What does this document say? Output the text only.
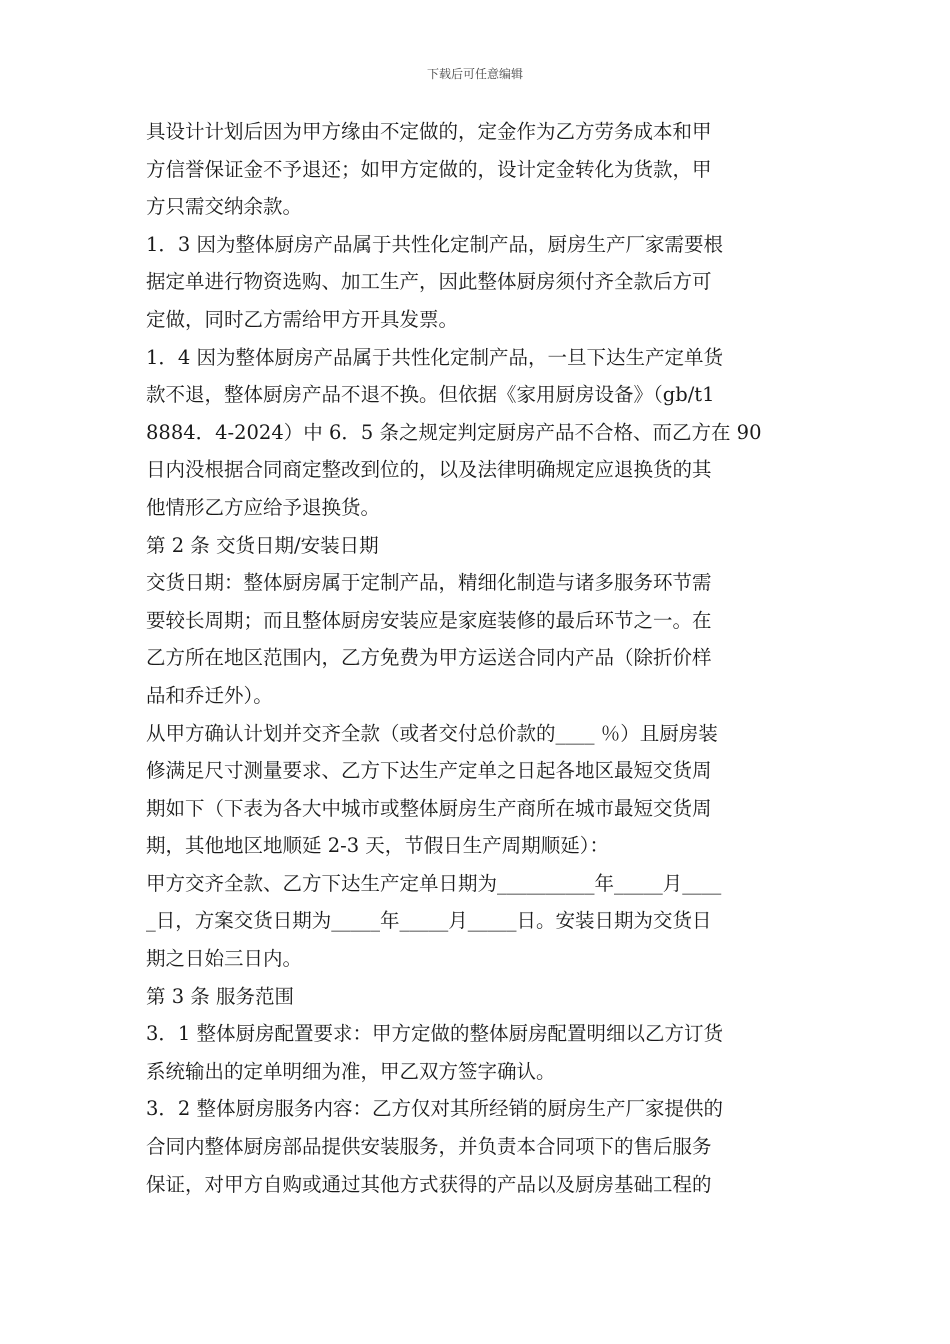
下载后可任意编辑
具设计计划后因为甲方缘由不定做的，定金作为乙方劳务成本和甲
方信誉保证金不予退还；如甲方定做的，设计定金转化为货款，甲
方只需交纳余款。
1．3 因为整体厨房产品属于共性化定制产品，厨房生产厂家需要根
据定单进行物资选购、加工生产，因此整体厨房须付齐全款后方可
定做，同时乙方需给甲方开具发票。
1．4 因为整体厨房产品属于共性化定制产品，一旦下达生产定单货
款不退，整体厨房产品不退不换。但依据《家用厨房设备》（gb/t1
8884．4-2024）中 6．5 条之规定判定厨房产品不合格、而乙方在 90
日内没根据合同商定整改到位的，以及法律明确规定应退换货的其
他情形乙方应给予退换货。
第 2 条 交货日期/安装日期
交货日期：整体厨房属于定制产品，精细化制造与诸多服务环节需
要较长周期；而且整体厨房安装应是家庭装修的最后环节之一。在
乙方所在地区范围内，乙方免费为甲方运送合同内产品（除折价样
品和乔迁外）。
从甲方确认计划并交齐全款（或者交付总价款的____ ％）且厨房装
修满足尺寸测量要求、乙方下达生产定单之日起各地区最短交货周
期如下（下表为各大中城市或整体厨房生产商所在城市最短交货周
期，其他地区地顺延 2-3 天，节假日生产周期顺延）：
甲方交齐全款、乙方下达生产定单日期为__________年_____月____
_日，方案交货日期为_____年_____月_____日。安装日期为交货日
期之日始三日内。
第 3 条 服务范围
3．1 整体厨房配置要求：甲方定做的整体厨房配置明细以乙方订货
系统输出的定单明细为准，甲乙双方签字确认。
3．2 整体厨房服务内容：乙方仅对其所经销的厨房生产厂家提供的
合同内整体厨房部品提供安装服务，并负责本合同项下的售后服务
保证，对甲方自购或通过其他方式获得的产品以及厨房基础工程的
